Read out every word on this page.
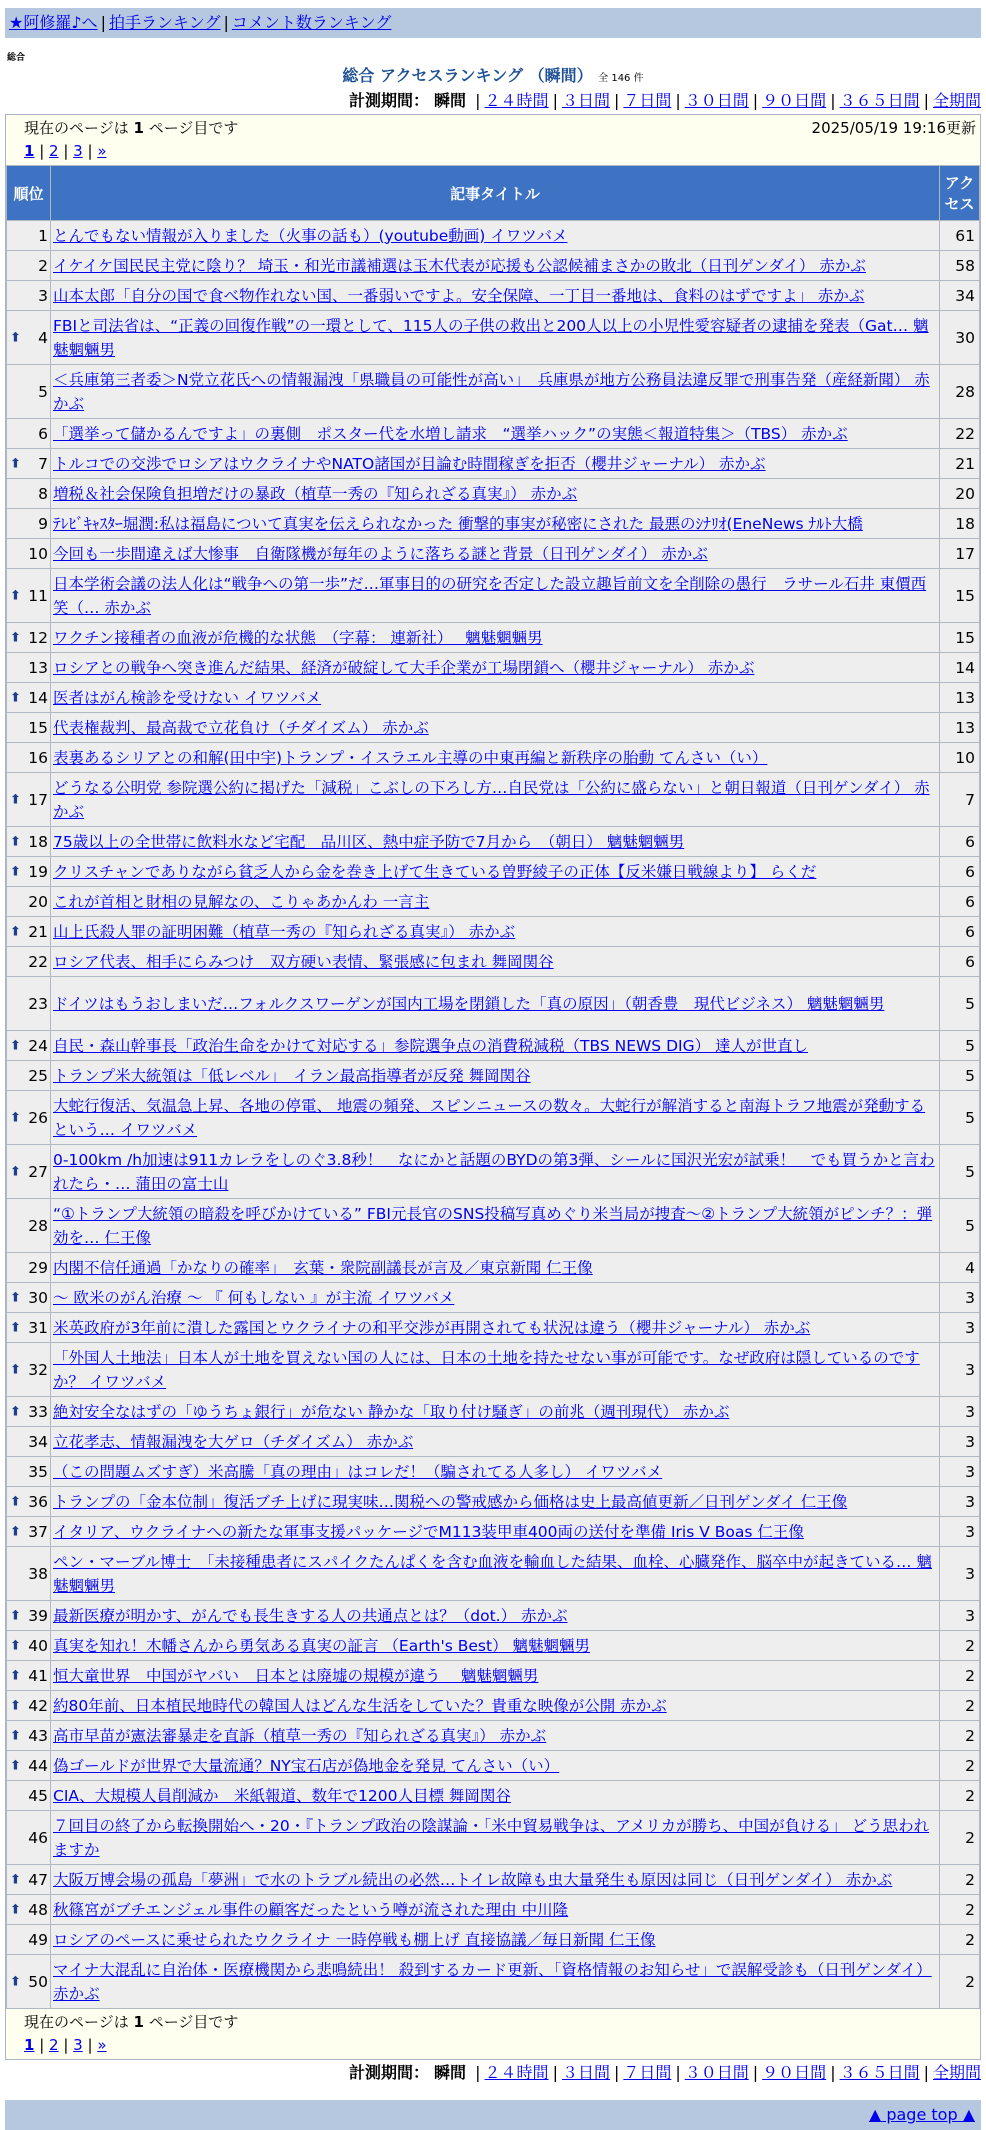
★阿修羅♪へ | 拍手ランキング | コメント数ランキング
総合
総合 アクセスランキング （瞬間） 全 146 件
計測期間： 瞬間 | ２４時間 | ３日間 | ７日間 | ３０日間 | ９０日間 | ３６５日間 | 全期間
現在のページは 1 ページ目です	2025/05/19 19:16更新
1 | 2 | 3 | »
順位	記事タイトル	アクセス
1	とんでもない情報が入りました（火事の話も）(youtube動画) イワツバメ	61
2	イケイケ国民民主党に陰り？ 埼玉・和光市議補選は玉木代表が応援も公認候補まさかの敗北（日刊ゲンダイ） 赤かぶ	58
3	山本太郎「自分の国で食べ物作れない国、一番弱いですよ。安全保障、一丁目一番地は、食料のはずですよ」 赤かぶ	34

⬆ 4	FBIと司法省は、“正義の回復作戦”の一環として、115人の子供の救出と200人以上の小児性愛容疑者の逮捕を発表（Gat… 魑魅魍魎男	30
5	＜兵庫第三者委＞N党立花氏への情報漏洩「県職員の可能性が高い」　兵庫県が地方公務員法違反罪で刑事告発（産経新聞） 赤かぶ	28
6	「選挙って儲かるんですよ」の裏側　ポスター代を水増し請求　“選挙ハック”の実態＜報道特集＞（TBS） 赤かぶ	22

⬆ 7	トルコでの交渉でロシアはウクライナやNATO諸国が目論む時間稼ぎを拒否（櫻井ジャーナル） 赤かぶ	21
8	増税＆社会保険負担増だけの暴政（植草一秀の『知られざる真実』） 赤かぶ	20
9	ﾃﾚﾋﾞｷｬｽﾀｰ堀潤:私は福島について真実を伝えられなかった 衝撃的事実が秘密にされた 最悪のｼﾅﾘｵ(EneNews ﾅﾙﾄ大橋	18
10	今回も一歩間違えば大惨事　自衛隊機が毎年のように落ちる謎と背景（日刊ゲンダイ） 赤かぶ	17

⬆ 11	日本学術会議の法人化は“戦争への第一歩”だ…軍事目的の研究を否定した設立趣旨前文を全削除の愚行　ラサール石井 東價西笑（… 赤かぶ	15

⬆ 12	ワクチン接種者の血液が危機的な状態　（字幕： 連新社）　 魑魅魍魎男	15
13	ロシアとの戦争へ突き進んだ結果、経済が破綻して大手企業が工場閉鎖へ（櫻井ジャーナル） 赤かぶ	14

⬆ 14	医者はがん検診を受けない イワツバメ	13
15	代表権裁判、最高裁で立花負け（チダイズム） 赤かぶ	13
16	表裏あるシリアとの和解(田中宇)トランプ・イスラエル主導の中東再編と新秩序の胎動 てんさい（い）	10

⬆ 17	どうなる公明党 参院選公約に掲げた「減税」こぶしの下ろし方…自民党は「公約に盛らない」と朝日報道（日刊ゲンダイ） 赤かぶ	7

⬆ 18	75歳以上の全世帯に飲料水など宅配　品川区、熱中症予防で7月から　（朝日） 魑魅魍魎男	6

⬆ 19	クリスチャンでありながら貧乏人から金を巻き上げて生きている曽野綾子の正体【反米嫌日戦線より】 らくだ	6
20	これが首相と財相の見解なの、こりゃあかんわ 一言主	6

⬆ 21	山上氏殺人罪の証明困難（植草一秀の『知られざる真実』） 赤かぶ	6
22	ロシア代表、相手にらみつけ　双方硬い表情、緊張感に包まれ 舞岡関谷	6
23	ドイツはもうおしまいだ…フォルクスワーゲンが国内工場を閉鎖した「真の原因」（朝香豊　現代ビジネス） 魑魅魍魎男	5

⬆ 24	自民・森山幹事長「政治生命をかけて対応する」参院選争点の消費税減税（TBS NEWS DIG） 達人が世直し	5
25	トランプ米大統領は「低レベル」　イラン最高指導者が反発 舞岡関谷	5

⬆ 26	大蛇行復活、気温急上昇、各地の停電、 地震の頻発、スピンニュースの数々。大蛇行が解消すると南海トラフ地震が発動するという… イワツバメ	5

⬆ 27	0-100km /h加速は911カレラをしのぐ3.8秒！　なにかと話題のBYDの第3弾、シールに国沢光宏が試乗！　でも買うかと言われたら・… 蒲田の富士山	5
28	“①トランプ大統領の暗殺を呼びかけている” FBI元長官のSNS投稿写真めぐり米当局が捜査～②トランプ大統領がピンチ？：弾効を… 仁王像	5
29	内閣不信任通過「かなりの確率」　玄葉・衆院副議長が言及／東京新聞 仁王像	4

⬆ 30	～ 欧米のがん治療 ～ 『 何もしない 』が主流 イワツバメ	3

⬆ 31	米英政府が3年前に潰した露国とウクライナの和平交渉が再開されても状況は違う（櫻井ジャーナル） 赤かぶ	3

⬆ 32	「外国人土地法」日本人が土地を買えない国の人には、日本の土地を持たせない事が可能です。なぜ政府は隠しているのですか？ イワツバメ	3

⬆ 33	絶対安全なはずの「ゆうちょ銀行」が危ない 静かな「取り付け騒ぎ」の前兆（週刊現代） 赤かぶ	3
34	立花孝志、情報漏洩を大ゲロ（チダイズム） 赤かぶ	3
35	（この問題ムズすぎ）米高騰「真の理由」はコレだ！（騙されてる人多し） イワツバメ	3

⬆ 36	トランプの「金本位制」復活ブチ上げに現実味…関税への警戒感から価格は史上最高値更新／日刊ゲンダイ 仁王像	3

⬆ 37	イタリア、ウクライナへの新たな軍事支援パッケージでM113装甲車400両の送付を準備 Iris V Boas 仁王像	3
38	ペン・マーブル博士　「未接種患者にスパイクたんぱくを含む血液を輸血した結果、血栓、心臓発作、脳卒中が起きている… 魑魅魍魎男	3

⬆ 39	最新医療が明かす、がんでも長生きする人の共通点とは？（dot.） 赤かぶ	3

⬆ 40	真実を知れ！木幡さんから勇気ある真実の証言 （Earth's Best） 魑魅魍魎男	2

⬆ 41	恒大童世界　中国がヤバい　日本とは廃墟の規模が違う　 魑魅魍魎男	2

⬆ 42	約80年前、日本植民地時代の韓国人はどんな生活をしていた？貴重な映像が公開 赤かぶ	2

⬆ 43	高市早苗が憲法審暴走を直訴（植草一秀の『知られざる真実』） 赤かぶ	2

⬆ 44	偽ゴールドが世界で大量流通？NY宝石店が偽地金を発見 てんさい（い）	2
45	CIA、大規模人員削減か　米紙報道、数年で1200人目標 舞岡関谷	2
46	７回目の終了から転換開始へ・20・『トランプ政治の陰謀論・「米中貿易戦争は、アメリカが勝ち、中国が負ける」 どう思われますか	2

⬆ 47	大阪万博会場の孤島「夢洲」で水のトラブル続出の必然…トイレ故障も虫大量発生も原因は同じ（日刊ゲンダイ） 赤かぶ	2

⬆ 48	秋篠宮がブチエンジェル事件の顧客だったという噂が流された理由 中川隆	2
49	ロシアのペースに乗せられたウクライナ 一時停戦も棚上げ 直接協議／毎日新聞 仁王像	2

⬆ 50	マイナ大混乱に自治体・医療機関から悲鳴続出！ 殺到するカード更新、「資格情報のお知らせ」で誤解受診も（日刊ゲンダイ） 赤かぶ	2
現在のページは 1 ページ目です
1 | 2 | 3 | »
計測期間： 瞬間 | ２４時間 | ３日間 | ７日間 | ３０日間 | ９０日間 | ３６５日間 | 全期間
▲ page top ▲
